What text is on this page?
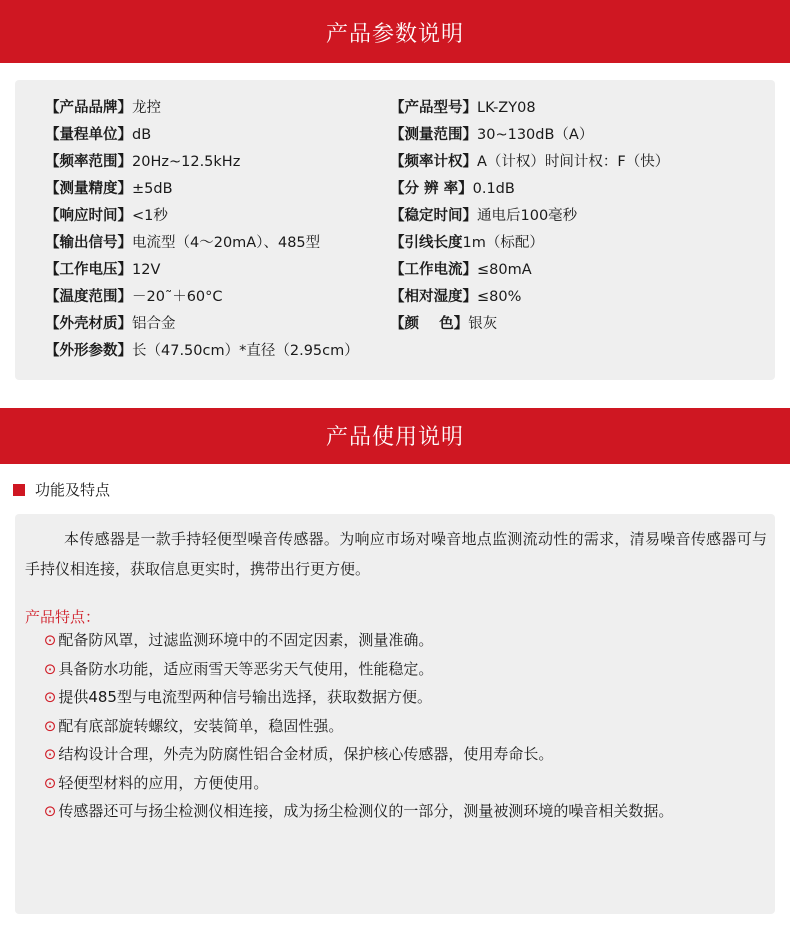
产品参数说明
【产品品牌】龙控
【量程单位】dB
【频率范围】20Hz~12.5kHz
【测量精度】±5dB
【响应时间】<1秒
【输出信号】电流型（4～20mA）、485型
【工作电压】12V
【温度范围】－20˜＋60°C
【外壳材质】铝合金
【外形参数】长（47.50cm）*直径（2.95cm）
【产品型号】LK-ZY08
【测量范围】30~130dB（A）
【频率计权】A（计权）时间计权：F（快）
【分 辨 率】0.1dB
【稳定时间】通电后100毫秒
【引线长度1m（标配）
【工作电流】≤80mA
【相对湿度】≤80%
【颜    色】银灰
产品使用说明
功能及特点
本传感器是一款手持轻便型噪音传感器。为响应市场对噪音地点监测流动性的需求，清易噪音传感器可与手持仪相连接，获取信息更实时，携带出行更方便。
产品特点：
⊙ 配备防风罩，过滤监测环境中的不固定因素，测量准确。
⊙ 具备防水功能，适应雨雪天等恶劣天气使用，性能稳定。
⊙ 提供485型与电流型两种信号输出选择，获取数据方便。
⊙ 配有底部旋转螺纹，安装简单，稳固性强。
⊙ 结构设计合理，外壳为防腐性铝合金材质，保护核心传感器，使用寿命长。
⊙ 轻便型材料的应用，方便使用。
⊙ 传感器还可与扬尘检测仪相连接，成为扬尘检测仪的一部分，测量被测环境的噪音相关数据。
